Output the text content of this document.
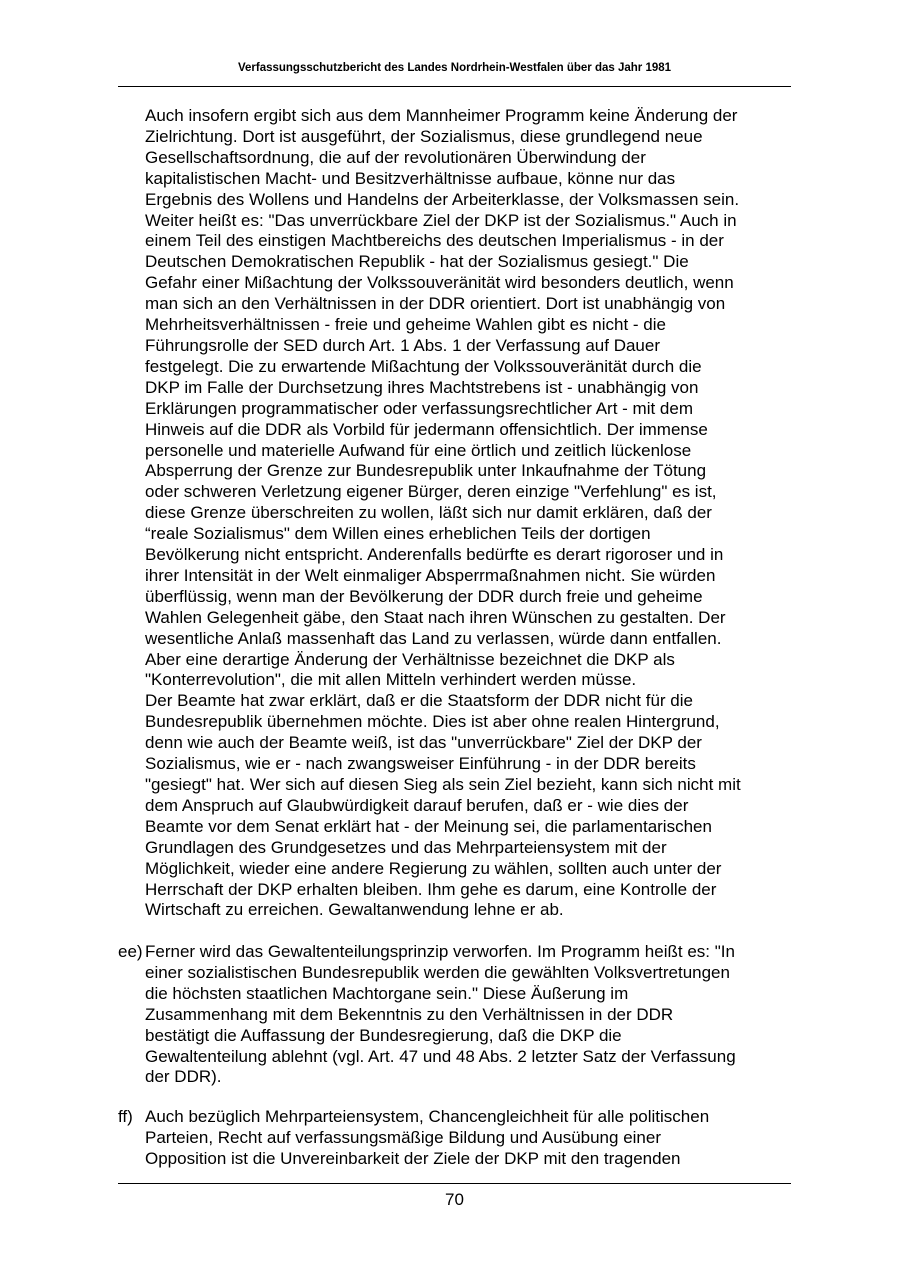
Verfassungsschutzbericht des Landes Nordrhein-Westfalen über das Jahr 1981
Auch insofern ergibt sich aus dem Mannheimer Programm keine Änderung der
Zielrichtung. Dort ist ausgeführt, der Sozialismus, diese grundlegend neue
Gesellschaftsordnung, die auf der revolutionären Überwindung der
kapitalistischen Macht- und Besitzverhältnisse aufbaue, könne nur das
Ergebnis des Wollens und Handelns der Arbeiterklasse, der Volksmassen sein.
Weiter heißt es: "Das unverrückbare Ziel der DKP ist der Sozialismus." Auch in
einem Teil des einstigen Machtbereichs des deutschen Imperialismus - in der
Deutschen Demokratischen Republik - hat der Sozialismus gesiegt." Die
Gefahr einer Mißachtung der Volkssouveränität wird besonders deutlich, wenn
man sich an den Verhältnissen in der DDR orientiert. Dort ist unabhängig von
Mehrheitsverhältnissen - freie und geheime Wahlen gibt es nicht - die
Führungsrolle der SED durch Art. 1 Abs. 1 der Verfassung auf Dauer
festgelegt. Die zu erwartende Mißachtung der Volkssouveränität durch die
DKP im Falle der Durchsetzung ihres Machtstrebens ist - unabhängig von
Erklärungen programmatischer oder verfassungsrechtlicher Art - mit dem
Hinweis auf die DDR als Vorbild für jedermann offensichtlich. Der immense
personelle und materielle Aufwand für eine örtlich und zeitlich lückenlose
Absperrung der Grenze zur Bundesrepublik unter Inkaufnahme der Tötung
oder schweren Verletzung eigener Bürger, deren einzige "Verfehlung" es ist,
diese Grenze überschreiten zu wollen, läßt sich nur damit erklären, daß der
“reale Sozialismus" dem Willen eines erheblichen Teils der dortigen
Bevölkerung nicht entspricht. Anderenfalls bedürfte es derart rigoroser und in
ihrer Intensität in der Welt einmaliger Absperrmaßnahmen nicht. Sie würden
überflüssig, wenn man der Bevölkerung der DDR durch freie und geheime
Wahlen Gelegenheit gäbe, den Staat nach ihren Wünschen zu gestalten. Der
wesentliche Anlaß massenhaft das Land zu verlassen, würde dann entfallen.
Aber eine derartige Änderung der Verhältnisse bezeichnet die DKP als
"Konterrevolution", die mit allen Mitteln verhindert werden müsse.
Der Beamte hat zwar erklärt, daß er die Staatsform der DDR nicht für die
Bundesrepublik übernehmen möchte. Dies ist aber ohne realen Hintergrund,
denn wie auch der Beamte weiß, ist das "unverrückbare" Ziel der DKP der
Sozialismus, wie er - nach zwangsweiser Einführung - in der DDR bereits
"gesiegt" hat. Wer sich auf diesen Sieg als sein Ziel bezieht, kann sich nicht mit
dem Anspruch auf Glaubwürdigkeit darauf berufen, daß er - wie dies der
Beamte vor dem Senat erklärt hat - der Meinung sei, die parlamentarischen
Grundlagen des Grundgesetzes und das Mehrparteiensystem mit der
Möglichkeit, wieder eine andere Regierung zu wählen, sollten auch unter der
Herrschaft der DKP erhalten bleiben. Ihm gehe es darum, eine Kontrolle der
Wirtschaft zu erreichen. Gewaltanwendung lehne er ab.
ee) Ferner wird das Gewaltenteilungsprinzip verworfen. Im Programm heißt es: "In
einer sozialistischen Bundesrepublik werden die gewählten Volksvertretungen
die höchsten staatlichen Machtorgane sein." Diese Äußerung im
Zusammenhang mit dem Bekenntnis zu den Verhältnissen in der DDR
bestätigt die Auffassung der Bundesregierung, daß die DKP die
Gewaltenteilung ablehnt (vgl. Art. 47 und 48 Abs. 2 letzter Satz der Verfassung
der DDR).
ff) Auch bezüglich Mehrparteiensystem, Chancengleichheit für alle politischen
Parteien, Recht auf verfassungsmäßige Bildung und Ausübung einer
Opposition ist die Unvereinbarkeit der Ziele der DKP mit den tragenden
70
